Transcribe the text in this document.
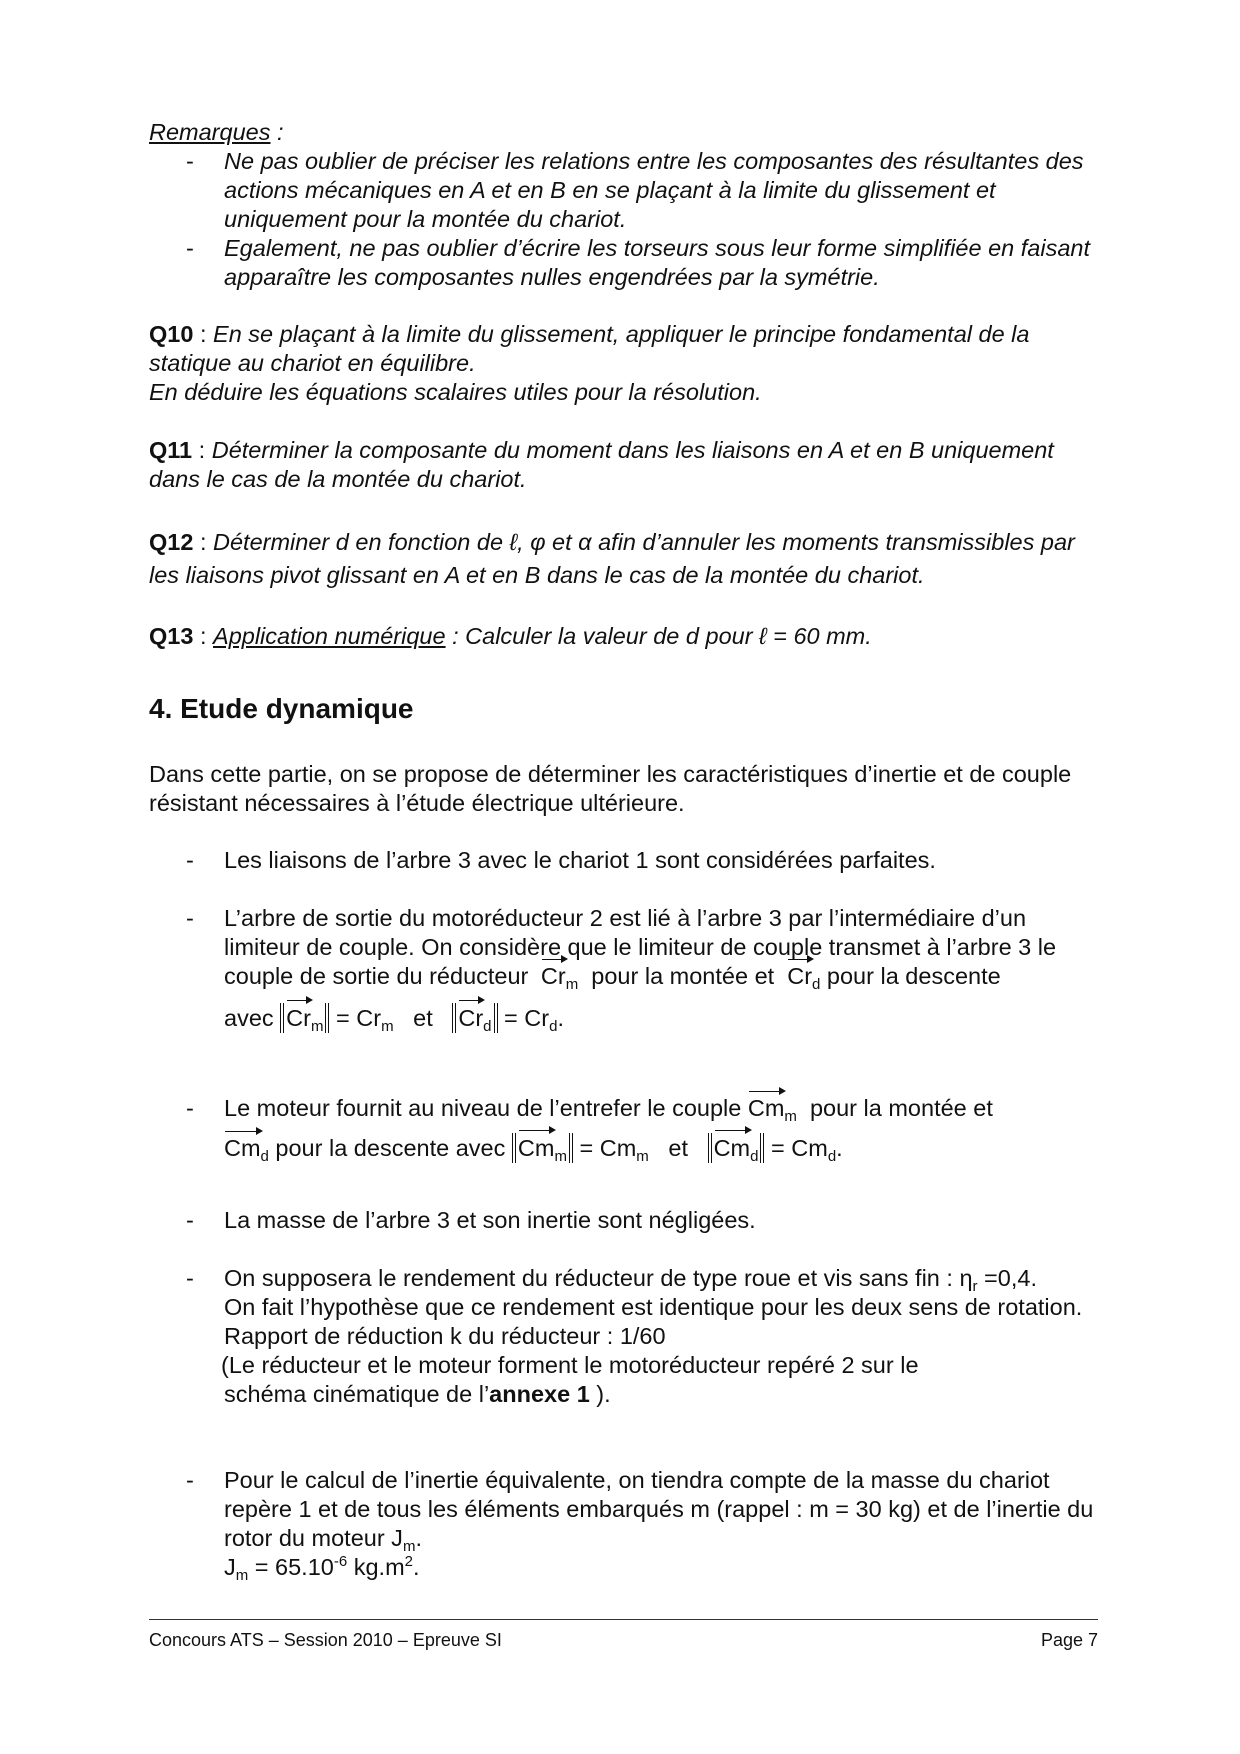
Remarques :
- Ne pas oublier de préciser les relations entre les composantes des résultantes des actions mécaniques en A et en B en se plaçant à la limite du glissement et uniquement pour la montée du chariot.
- Egalement, ne pas oublier d’écrire les torseurs sous leur forme simplifiée en faisant apparaître les composantes nulles engendrées par la symétrie.
Q10 : En se plaçant à la limite du glissement, appliquer le principe fondamental de la statique au chariot en équilibre.
En déduire les équations scalaires utiles pour la résolution.
Q11 : Déterminer la composante du moment dans les liaisons en A et en B uniquement dans le cas de la montée du chariot.
Q12 : Déterminer d en fonction de ℓ, φ et α afin d’annuler les moments transmissibles par les liaisons pivot glissant en A et en B dans le cas de la montée du chariot.
Q13 : Application numérique : Calculer la valeur de d pour ℓ = 60 mm.
4. Etude dynamique
Dans cette partie, on se propose de déterminer les caractéristiques d’inertie et de couple résistant nécessaires à l’étude électrique ultérieure.
- Les liaisons de l’arbre 3 avec le chariot 1 sont considérées parfaites.
- L’arbre de sortie du motoréducteur 2 est lié à l’arbre 3 par l’intermédiaire d’un limiteur de couple. On considère que le limiteur de couple transmet à l’arbre 3 le couple de sortie du réducteur $Cr_m$ pour la montée et $Cr_d$ pour la descente
avec $Cr_m = Cr_m$ et $Cr_d = Cr_d$.
- Le moteur fournit au niveau de l’entrefer le couple $Cm_m$ pour la montée et
$Cm_d$ pour la descente avec $Cm_m = Cm_m$ et $Cm_d = Cm_d$.
- La masse de l’arbre 3 et son inertie sont négligées.
- On supposera le rendement du réducteur de type roue et vis sans fin : $\eta_r =0,4$.
On fait l’hypothèse que ce rendement est identique pour les deux sens de rotation.
Rapport de réduction k du réducteur : 1/60
(Le réducteur et le moteur forment le motoréducteur repéré 2 sur le
schéma cinématique de l’annexe 1 ).
- Pour le calcul de l’inertie équivalente, on tiendra compte de la masse du chariot repère 1 et de tous les éléments embarqués m (rappel : m = 30 kg) et de l’inertie du rotor du moteur $J_m$.
$J_m = 65.10^{-6}$ $kg.m^2$.
Concours ATS – Session 2010 – Epreuve SI	Page 7
